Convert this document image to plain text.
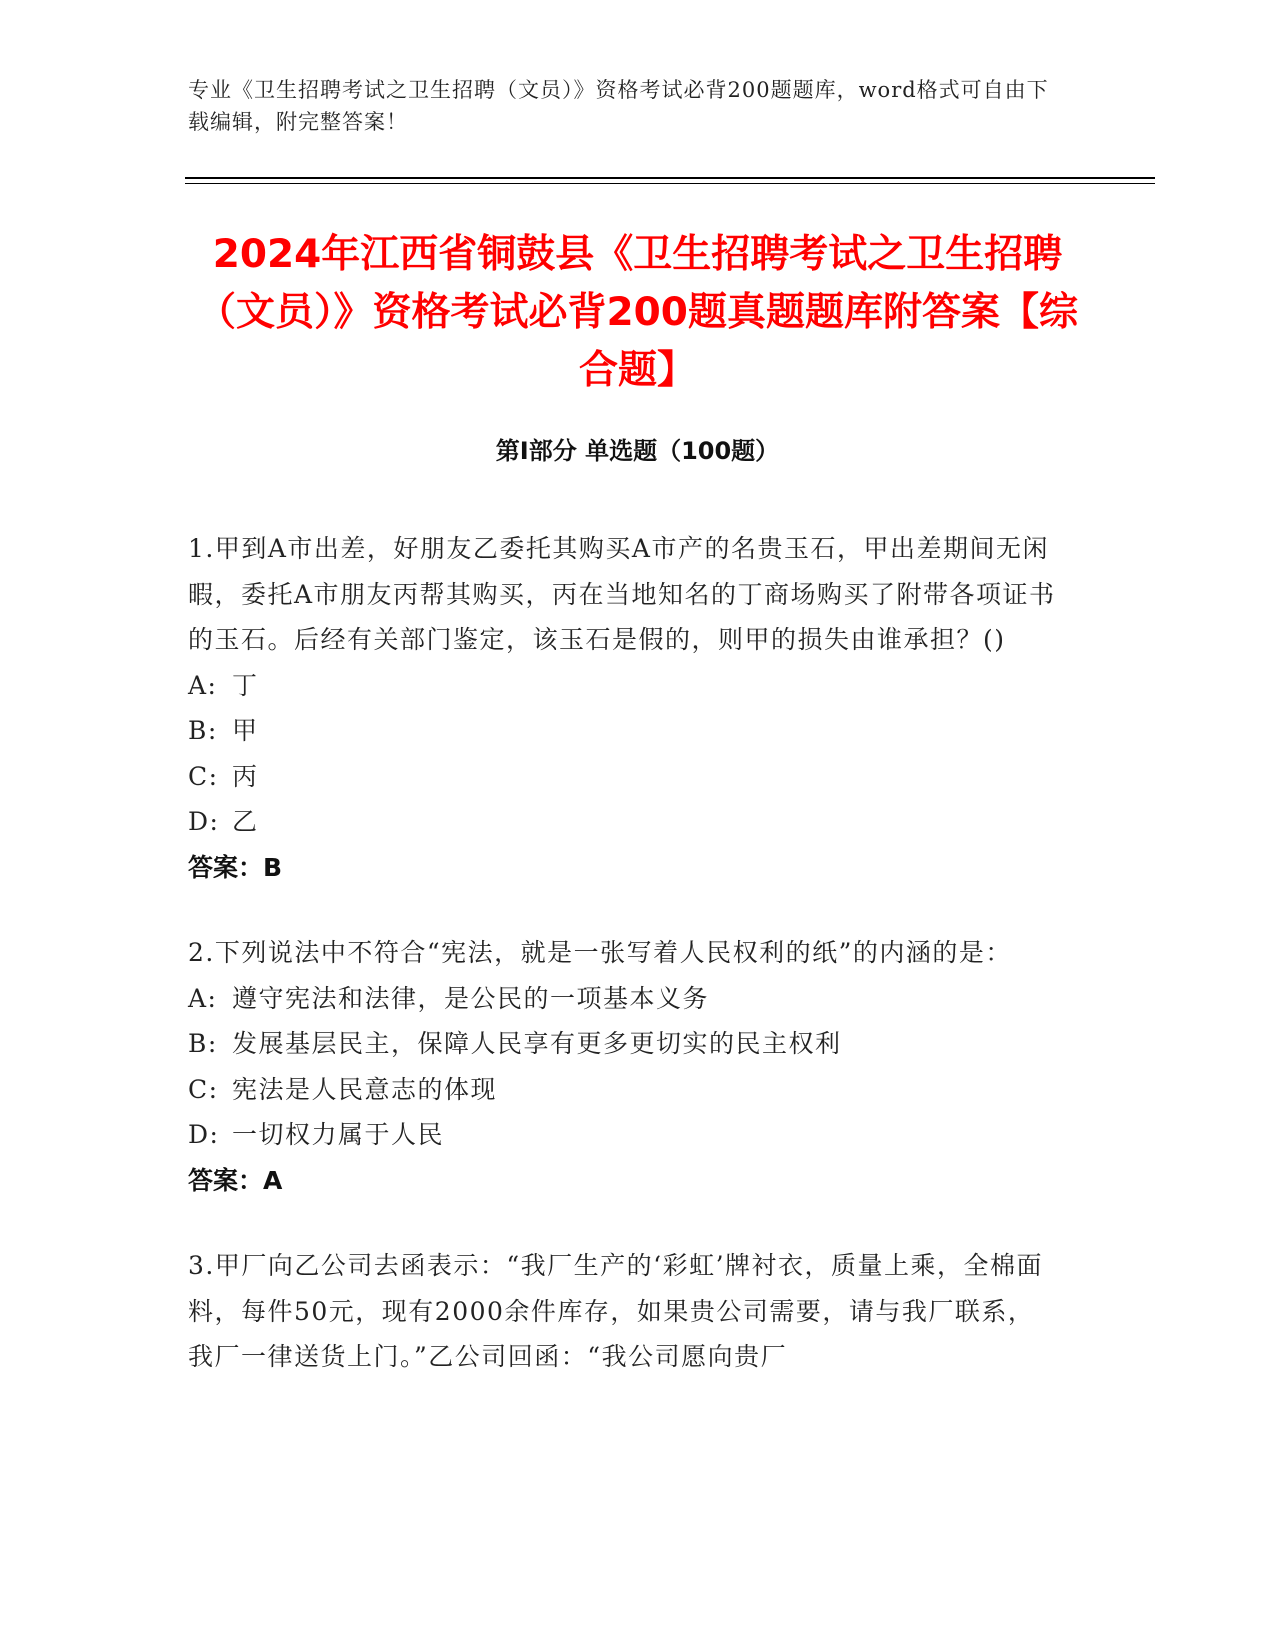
专业《卫生招聘考试之卫生招聘（文员）》资格考试必背200题题库，word格式可自由下载编辑，附完整答案！
2024年江西省铜鼓县《卫生招聘考试之卫生招聘（文员）》资格考试必背200题真题题库附答案【综合题】
第Ⅰ部分 单选题（100题）

1.甲到A市出差，好朋友乙委托其购买A市产的名贵玉石，甲出差期间无闲暇，委托A市朋友丙帮其购买，丙在当地知名的丁商场购买了附带各项证书的玉石。后经有关部门鉴定，该玉石是假的，则甲的损失由谁承担？()

A: 丁

B: 甲

C: 丙

D: 乙

答案：B

2.下列说法中不符合“宪法，就是一张写着人民权利的纸”的内涵的是：

A: 遵守宪法和法律，是公民的一项基本义务

B: 发展基层民主，保障人民享有更多更切实的民主权利

C: 宪法是人民意志的体现

D: 一切权力属于人民

答案：A

3.甲厂向乙公司去函表示：“我厂生产的‘彩虹’牌衬衣，质量上乘，全棉面料，每件50元，现有2000余件库存，如果贵公司需要，请与我厂联系，我厂一律送货上门。”乙公司回函：“我公司愿向贵厂
